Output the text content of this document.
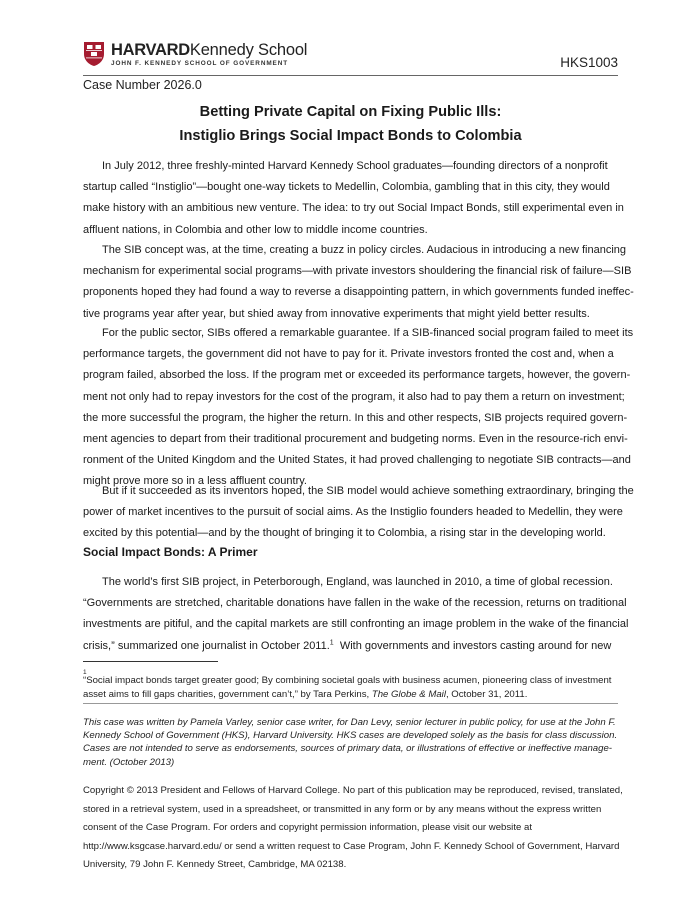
HARVARDKennedy School
JOHN F. KENNEDY SCHOOL OF GOVERNMENT	HKS1003
Case Number 2026.0
Betting Private Capital on Fixing Public Ills:
Instiglio Brings Social Impact Bonds to Colombia
In July 2012, three freshly-minted Harvard Kennedy School graduates—founding directors of a nonprofit
startup called “Instiglio”—bought one-way tickets to Medellin, Colombia, gambling that in this city, they would
make history with an ambitious new venture. The idea: to try out Social Impact Bonds, still experimental even in
affluent nations, in Colombia and other low to middle income countries.
The SIB concept was, at the time, creating a buzz in policy circles. Audacious in introducing a new financing
mechanism for experimental social programs—with private investors shouldering the financial risk of failure—SIB
proponents hoped they had found a way to reverse a disappointing pattern, in which governments funded ineffec-
tive programs year after year, but shied away from innovative experiments that might yield better results.
For the public sector, SIBs offered a remarkable guarantee. If a SIB-financed social program failed to meet its
performance targets, the government did not have to pay for it. Private investors fronted the cost and, when a
program failed, absorbed the loss. If the program met or exceeded its performance targets, however, the govern-
ment not only had to repay investors for the cost of the program, it also had to pay them a return on investment;
the more successful the program, the higher the return. In this and other respects, SIB projects required govern-
ment agencies to depart from their traditional procurement and budgeting norms. Even in the resource-rich envi-
ronment of the United Kingdom and the United States, it had proved challenging to negotiate SIB contracts—and
might prove more so in a less affluent country.
But if it succeeded as its inventors hoped, the SIB model would achieve something extraordinary, bringing the
power of market incentives to the pursuit of social aims. As the Instiglio founders headed to Medellin, they were
excited by this potential—and by the thought of bringing it to Colombia, a rising star in the developing world.
Social Impact Bonds: A Primer
The world’s first SIB project, in Peterborough, England, was launched in 2010, a time of global recession.
“Governments are stretched, charitable donations have fallen in the wake of the recession, returns on traditional
investments are pitiful, and the capital markets are still confronting an image problem in the wake of the financial
crisis,” summarized one journalist in October 2011.$^1$ With governments and investors casting around for new
$^1$
“Social impact bonds target greater good; By combining societal goals with business acumen, pioneering class of investment
asset aims to fill gaps charities, government can’t,” by Tara Perkins, The Globe & Mail, October 31, 2011.
This case was written by Pamela Varley, senior case writer, for Dan Levy, senior lecturer in public policy, for use at the John F.
Kennedy School of Government (HKS), Harvard University. HKS cases are developed solely as the basis for class discussion.
Cases are not intended to serve as endorsements, sources of primary data, or illustrations of effective or ineffective manage-
ment. (October 2013)
Copyright © 2013 President and Fellows of Harvard College. No part of this publication may be reproduced, revised, translated,
stored in a retrieval system, used in a spreadsheet, or transmitted in any form or by any means without the express written
consent of the Case Program. For orders and copyright permission information, please visit our website at
http://www.ksgcase.harvard.edu/ or send a written request to Case Program, John F. Kennedy School of Government, Harvard
University, 79 John F. Kennedy Street, Cambridge, MA 02138.
